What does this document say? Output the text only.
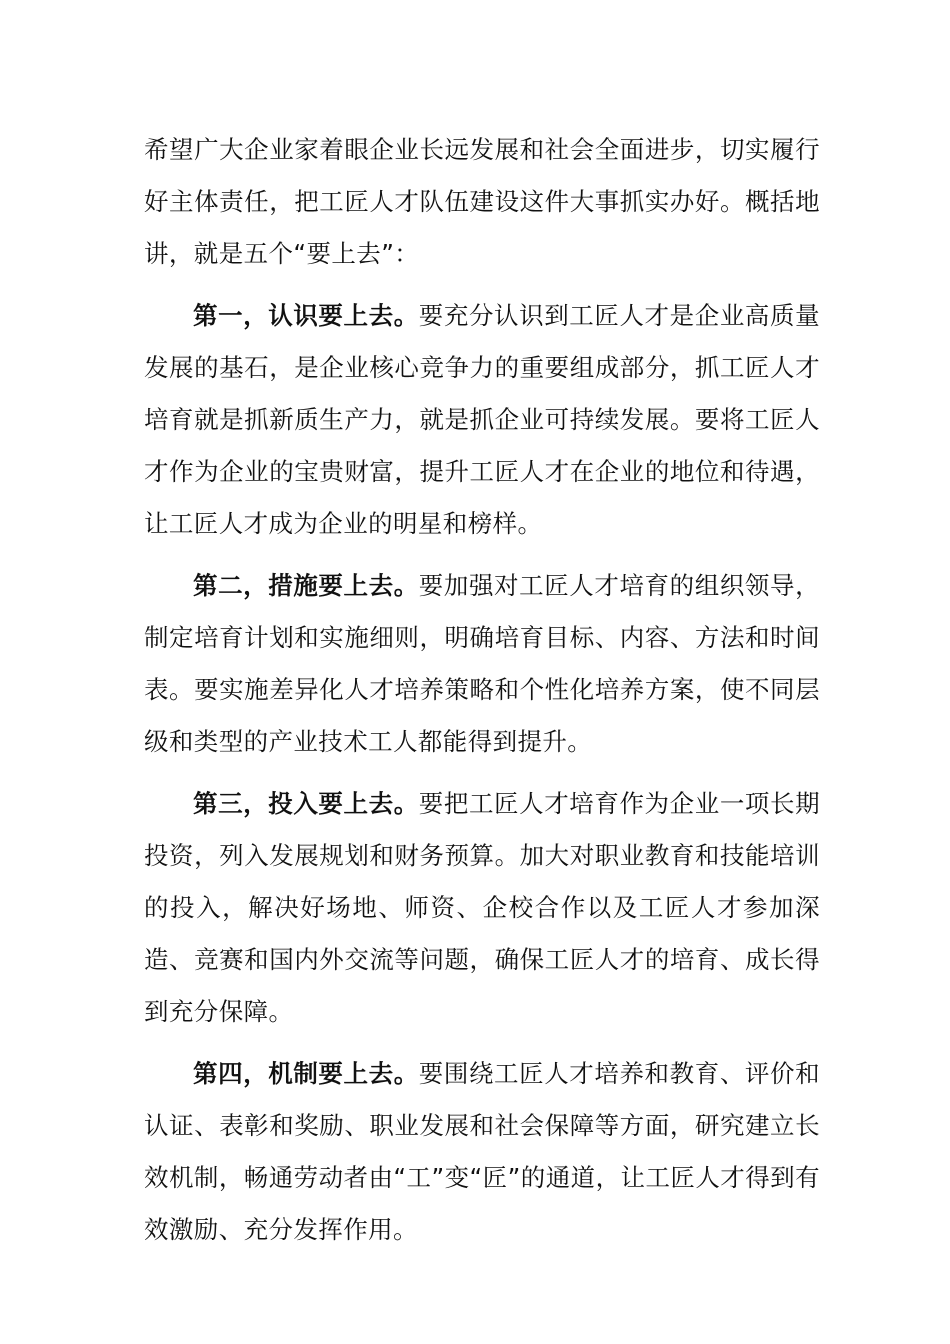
希望广大企业家着眼企业长远发展和社会全面进步，切实履行好主体责任，把工匠人才队伍建设这件大事抓实办好。概括地讲，就是五个“要上去”：

第一，认识要上去。要充分认识到工匠人才是企业高质量发展的基石，是企业核心竞争力的重要组成部分，抓工匠人才培育就是抓新质生产力，就是抓企业可持续发展。要将工匠人才作为企业的宝贵财富，提升工匠人才在企业的地位和待遇，让工匠人才成为企业的明星和榜样。

第二，措施要上去。要加强对工匠人才培育的组织领导，制定培育计划和实施细则，明确培育目标、内容、方法和时间表。要实施差异化人才培养策略和个性化培养方案，使不同层级和类型的产业技术工人都能得到提升。

第三，投入要上去。要把工匠人才培育作为企业一项长期投资，列入发展规划和财务预算。加大对职业教育和技能培训的投入，解决好场地、师资、企校合作以及工匠人才参加深造、竞赛和国内外交流等问题，确保工匠人才的培育、成长得到充分保障。

第四，机制要上去。要围绕工匠人才培养和教育、评价和认证、表彰和奖励、职业发展和社会保障等方面，研究建立长效机制，畅通劳动者由“工”变“匠”的通道，让工匠人才得到有效激励、充分发挥作用。
